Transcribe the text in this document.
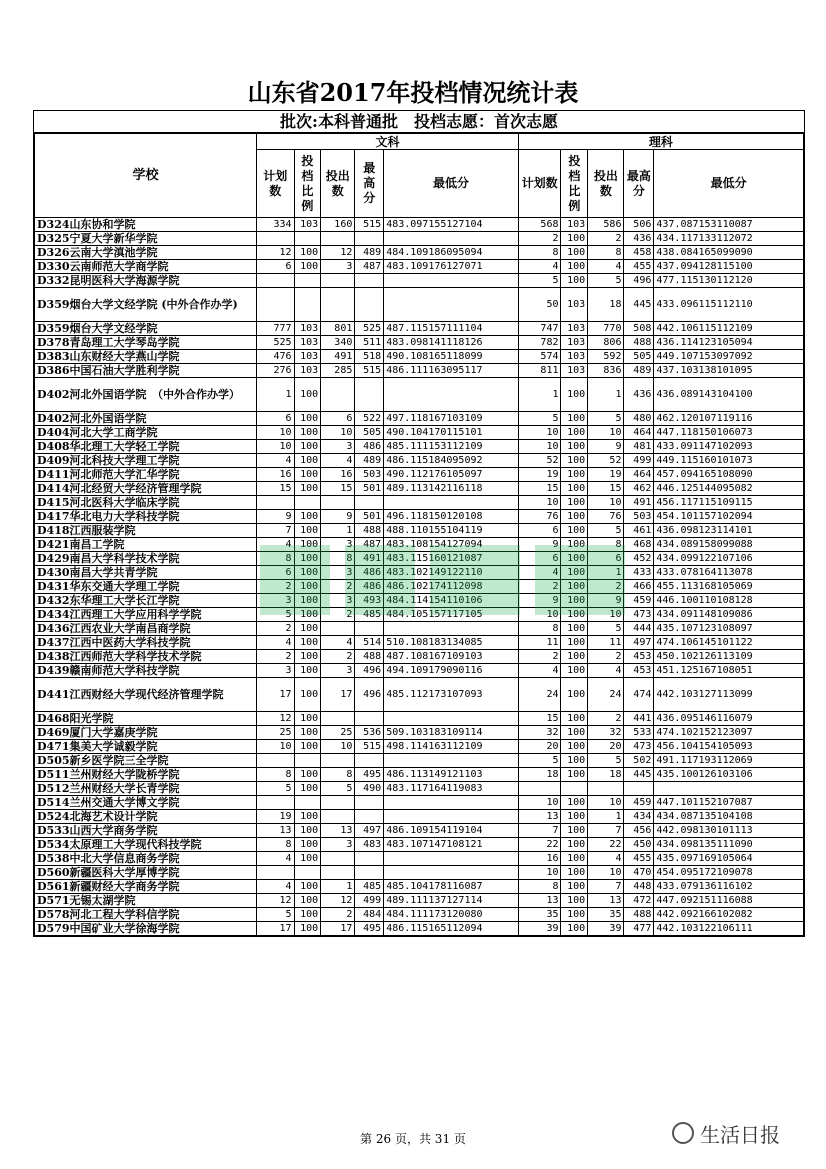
山东省2017年投档情况统计表
批次:本科普通批　投档志愿：首次志愿
学校	文科					理科				
	计划数	投档比例	投出数	最高分	最低分	计划数	投档比例	投出数	最高分	最低分
D324山东协和学院	334	103	160	515	483.097155127104	568	103	586	506	437.087153110087
D325宁夏大学新华学院						2	100	2	436	434.117133112072
D326云南大学滇池学院	12	100	12	489	484.109186095094	8	100	8	458	438.084165099090
D330云南师范大学商学院	6	100	3	487	483.109176127071	4	100	4	455	437.094128115100
D332昆明医科大学海源学院						5	100	5	496	477.115130112120
D359烟台大学文经学院 (中外合作办学)						50	103	18	445	433.096115112110
D359烟台大学文经学院	777	103	801	525	487.115157111104	747	103	770	508	442.106115112109
D378青岛理工大学琴岛学院	525	103	340	511	483.098141118126	782	103	806	488	436.114123105094
D383山东财经大学燕山学院	476	103	491	518	490.108165118099	574	103	592	505	449.107153097092
D386中国石油大学胜利学院	276	103	285	515	486.111163095117	811	103	836	489	437.103138101095
D402河北外国语学院　（中外合作办学）	1	100				1	100	1	436	436.089143104100
D402河北外国语学院	6	100	6	522	497.118167103109	5	100	5	480	462.120107119116
D404河北大学工商学院	10	100	10	505	490.104170115101	10	100	10	464	447.118150106073
D408华北理工大学轻工学院	10	100	3	486	485.111153112109	10	100	9	481	433.091147102093
D409河北科技大学理工学院	4	100	4	489	486.115184095092	52	100	52	499	449.115160101073
D411河北师范大学汇华学院	16	100	16	503	490.112176105097	19	100	19	464	457.094165108090
D414河北经贸大学经济管理学院	15	100	15	501	489.113142116118	15	100	15	462	446.125144095082
D415河北医科大学临床学院						10	100	10	491	456.117115109115
D417华北电力大学科技学院	9	100	9	501	496.118150120108	76	100	76	503	454.101157102094
D418江西服装学院	7	100	1	488	488.110155104119	6	100	5	461	436.098123114101
D421南昌工学院	4	100	3	487	483.108154127094	9	100	8	468	434.089158099088
D429南昌大学科学技术学院	8	100	8	491	483.115160121087	6	100	6	452	434.099122107106
D430南昌大学共青学院	6	100	3	486	483.102149122110	4	100	1	433	433.078164113078
D431华东交通大学理工学院	2	100	2	486	486.102174112098	2	100	2	466	455.113168105069
D432东华理工大学长江学院	3	100	3	493	484.114154110106	9	100	9	459	446.100110108128
D434江西理工大学应用科学学院	5	100	2	485	484.105157117105	10	100	10	473	434.091148109086
D436江西农业大学南昌商学院	2	100				8	100	5	444	435.107123108097
D437江西中医药大学科技学院	4	100	4	514	510.108183134085	11	100	11	497	474.106145101122
D438江西师范大学科学技术学院	2	100	2	488	487.108167109103	2	100	2	453	450.102126113109
D439赣南师范大学科技学院	3	100	3	496	494.109179090116	4	100	4	453	451.125167108051
D441江西财经大学现代经济管理学院	17	100	17	496	485.112173107093	24	100	24	474	442.103127113099
D468阳光学院	12	100				15	100	2	441	436.095146116079
D469厦门大学嘉庚学院	25	100	25	536	509.103183109114	32	100	32	533	474.102152123097
D471集美大学诚毅学院	10	100	10	515	498.114163112109	20	100	20	473	456.104154105093
D505新乡医学院三全学院						5	100	5	502	491.117193112069
D511兰州财经大学陇桥学院	8	100	8	495	486.113149121103	18	100	18	445	435.100126103106
D512兰州财经大学长青学院	5	100	5	490	483.117164119083					
D514兰州交通大学博文学院						10	100	10	459	447.101152107087
D524北海艺术设计学院	19	100				13	100	1	434	434.087135104108
D533山西大学商务学院	13	100	13	497	486.109154119104	7	100	7	456	442.098130101113
D534太原理工大学现代科技学院	8	100	3	483	483.107147108121	22	100	22	450	434.098135111090
D538中北大学信息商务学院	4	100				16	100	4	455	435.097169105064
D560新疆医科大学厚博学院						10	100	10	470	454.095172109078
D561新疆财经大学商务学院	4	100	1	485	485.104178116087	8	100	7	448	433.079136116102
D571无锡太湖学院	12	100	12	499	489.111137127114	13	100	13	472	447.092151116088
D578河北工程大学科信学院	5	100	2	484	484.111173120080	35	100	35	488	442.092166102082
D579中国矿业大学徐海学院	17	100	17	495	486.115165112094	39	100	39	477	442.103122106111
第 26 页，共 31 页	生活日报
